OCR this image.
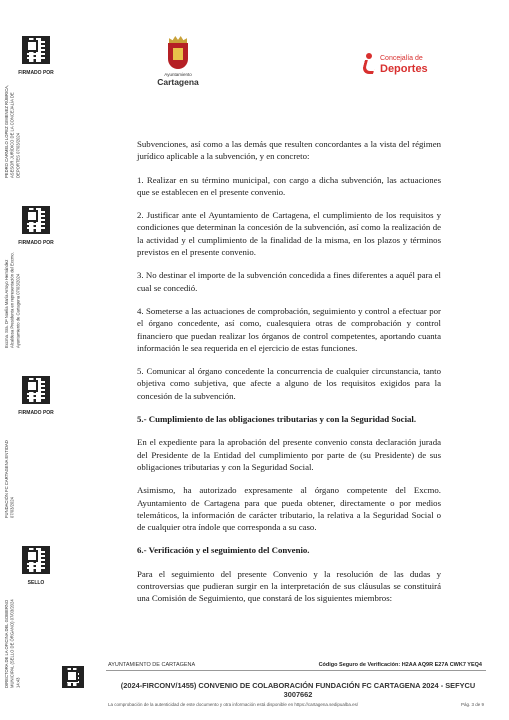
FIRMADO POR
PEDRO CARMELO LOPEZ GIMENEZ RÚBRICA, ASESOR JURÍDICO DE LA CONCEJALÍA DE DEPORTES 07/03/2024
FIRMADO POR
Excma. Sra. Dª Noelia María Arroyo Hernández Alcaldesa Presidenta en representación del Excmo. Ayuntamiento de Cartagena 07/03/2024
FIRMADO POR
FUNDACIÓN FC CARTAGENA ENTIDAD 07/03/2024
SELLO
DIRECTORA DE LA OFICINA DEL GOBIERNO MUNICIPAL (SELLO DE ÓRGANO) 07/03/2024 14:43
Ayuntamiento
Cartagena
Concejalía de
Deportes

Subvenciones, así como a las demás que resulten concordantes a la vista del régimen jurídico aplicable a la subvención, y en concreto:

1. Realizar en su término municipal, con cargo a dicha subvención, las actuaciones que se establecen en el presente convenio.

2. Justificar ante el Ayuntamiento de Cartagena, el cumplimiento de los requisitos y condiciones que determinan la concesión de la subvención, así como la realización de la actividad y el cumplimiento de la finalidad de la misma, en los plazos y términos previstos en el presente convenio.

3. No destinar el importe de la subvención concedida a fines diferentes a aquél para el cual se concedió.

4. Someterse a las actuaciones de comprobación, seguimiento y control a efectuar por el órgano concedente, así como, cualesquiera otras de comprobación y control financiero que puedan realizar los órganos de control competentes, aportando cuanta información le sea requerida en el ejercicio de estas funciones.

5. Comunicar al órgano concedente la concurrencia de cualquier circunstancia, tanto objetiva como subjetiva, que afecte a alguno de los requisitos exigidos para la concesión de la subvención.

5.- Cumplimiento de las obligaciones tributarias y con la Seguridad Social.

En el expediente para la aprobación del presente convenio consta declaración jurada del Presidente de la Entidad del cumplimiento por parte de (su Presidente) de sus obligaciones tributarias y con la Seguridad Social.

Asimismo, ha autorizado expresamente al órgano competente del Excmo. Ayuntamiento de Cartagena para que pueda obtener, directamente o por medios telemáticos, la información de carácter tributario, la relativa a la Seguridad Social o de cualquier otra índole que corresponda a su caso.

6.- Verificación y el seguimiento del Convenio.

Para el seguimiento del presente Convenio y la resolución de las dudas y controversias que pudieran surgir en la interpretación de sus cláusulas se constituirá una Comisión de Seguimiento, que constará de los siguientes miembros:

AYUNTAMIENTO DE CARTAGENA	Código Seguro de Verificación: H2AA AQ9R E27A CWK7 YEQ4
(2024-FIRCONV/1455) CONVENIO DE COLABORACIÓN FUNDACIÓN FC CARTAGENA 2024 - SEFYCU 3007662
La comprobación de la autenticidad de este documento y otra información está disponible en https://cartagena.sedipualba.es/	Pág. 3 de 9
